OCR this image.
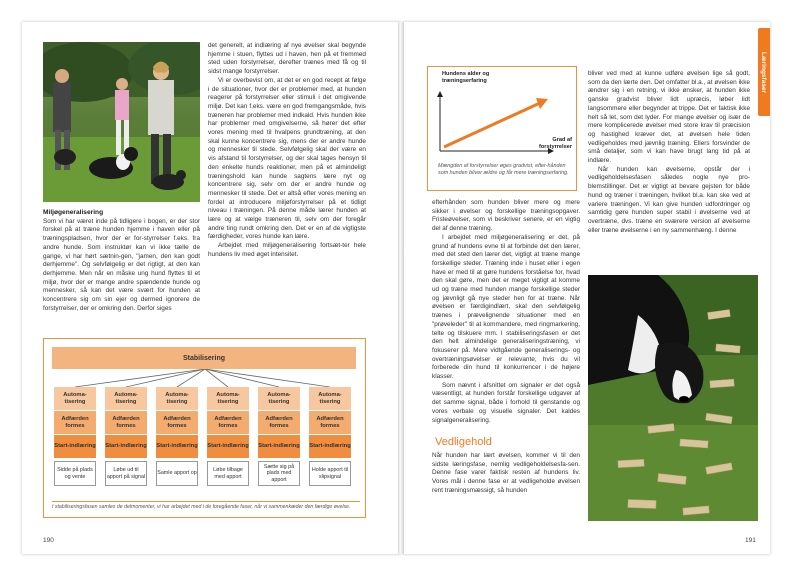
Miljøgeneralisering

Som vi har været inde på tidligere i bogen, er der stor forskel på at træne hunden hjemme i haven eller på træningspladsen, hvor der er for-styrrelser f.eks. fra andre hunde. Som instruktør kan vi ikke tælle de gange, vi har hørt sætnin-gen, "jamen, den kan godt derhjemme". Og selvfølgelig er det rigtigt, at den kan derhjemme. Men når en måske ung hund flyttes til et miljø, hvor der er mange andre spændende hunde og mennesker, så kan det være svært for hunden at koncentrere sig om sin ejer og dermed ignorere de forstyrrelser, der er omkring den. Derfor siges

det generelt, at indlæring af nye øvelser skal begynde hjemme i stuen, flyttes ud i haven, hen på et fremmed sted uden forstyrrelser, derefter trænes med få og til sidst mange forstyrrelser.

Vi er overbevist om, at det er en god recept at følge i de situationer, hvor der er problemer med, at hunden reagerer på forstyrrelser eller stimuli i det omgivende miljø. Det kan f.eks. være en god fremgangsmåde, hvis træneren har problemer med indkald. Hvis hunden ikke har problemer med omgivelserne, så hører det efter vores mening med til hvalpens grundtræning, at den skal kunne koncentrere sig, mens der er andre hunde og mennesker til stede. Selvfølgelig skal der være en vis afstand til forstyrrelser, og der skal tages hensyn til den enkelte hunds reaktioner, men på et almindeligt træningshold kan hunde sagtens lære nyt og koncentrere sig, selv om der er andre hunde og mennesker til stede. Det er altså efter vores mening en fordel at introducere miljøforstyrrelser på et tidligt niveau i træningen. På denne måde lærer hunden at lære og at vælge træneren til, selv om der foregår andre ting rundt omkring den. Det er en af de vigtigste færdigheder, vores hunde kan lære.

Arbejdet med miljøgeneralisering fortsæt-ter hele hundens liv med øget intensitet.

Stabilisering
Automa-tisering
Adfærden formes
Start-indlæring
Sidde på plads og vente
Automa-tisering
Adfærden formes
Start-indlæring
Løbe ud til apport på signal
Automa-tisering
Adfærden formes
Start-indlæring
Samle apport op
Automa-tisering
Adfærden formes
Start-indlæring
Løbe tilbage med apport
Automa-tisering
Adfærden formes
Start-indlæring
Sætte sig på plads med apport
Automa-tisering
Adfærden formes
Start-indlæring
Holde apport til slipsignal
I stabiliseringsfasen samles de delmomenter, vi har arbejdet med i de foregående faser, når vi sammenkæder den færdige øvelse.
190
Hundens alder og træningserfaring
Grad af forstyrrelser
Mængden af forstyrrelser øges gradvist, efter-hånden som hunden bliver ældre og får mere træningserfaring.

efterhånden som hunden bliver mere og mere sikker i øvelser og forskellige træningsopgaver. Fristeøvelser, som vi beskriver senere, er en vigtig del af denne træning.

I arbejdet med miljøgeneralisering er det, på grund af hundens evne til at forbinde det den lærer, med det sted den lærer det, vigtigt at træne mange forskellige steder. Træning inde i huset eller i egen have er med til at gøre hundens forståelse for, hvad den skal gøre, men det er meget vigtigt at komme ud og træne med hunden mange forskellige steder og jævnligt gå nye steder hen for at træne. Når øvelsen er færdigindlært, skal den selvfølgelig trænes i prævelignende situationer med en "prøveleder" til at kommandere, med ringmarkering, telte og tilskuere mm. I stabiliseringsfasen er det den helt almindelige generaliseringstræning, vi fokuserer på. Mere vidtgående generaliserings- og overtræningsøvelser er relevante, hvis du vil forberede din hund til konkurrencer i de højere klasser.

Som nævnt i afsnittet om signaler er det også væsentligt, at hunden forstår forskellige udgaver af det samme signal, både i forhold til genstande og vores verbale og visuelle signaler. Det kaldes signalgeneralisering.

Vedligehold

Når hunden har lært øvelsen, kommer vi til den sidste læringsfase, nemlig vedligeholdelsesfa-sen. Denne fase varer faktisk resten af hundens liv. Vores mål i denne fase er at vedligeholde øvelsen rent træningsmæssigt, så hunden

bliver ved med at kunne udføre øvelsen lige så godt, som da den lærte den. Det omfatter bl.a., at øvelsen ikke ændrer sig i en retning, vi ikke ønsker, at hunden ikke ganske gradvist bliver lidt upræcis, løber lidt langsommere eller begynder at trippe. Det er faktisk ikke helt så let, som det lyder. For mange øvelser og især de mere komplicerede øvelser med store krav til præcision og hastighed kræver det, at øvelsen hele tiden vedligeholdes med jævnlig træning. Ellers forsvinder de små detaljer, som vi kan have brugt lang tid på at indlære.

Når hunden kan øvelserne, opstår der i vedligeholdelsesfasen således nogle nye pro-blemstillinger. Det er vigtigt at bevare gejsten for både hund og træner i træningen, hvilket bl.a. kan ske ved at variere træningen. Vi kan give hunden udfordringer og samtidig gøre hunden super stabil i øvelserne ved at overtræne, dvs. træne en sværere version af øvelserne eller træne øvelserne i en ny sammenhæng. I denne

191
Læringsfaser
